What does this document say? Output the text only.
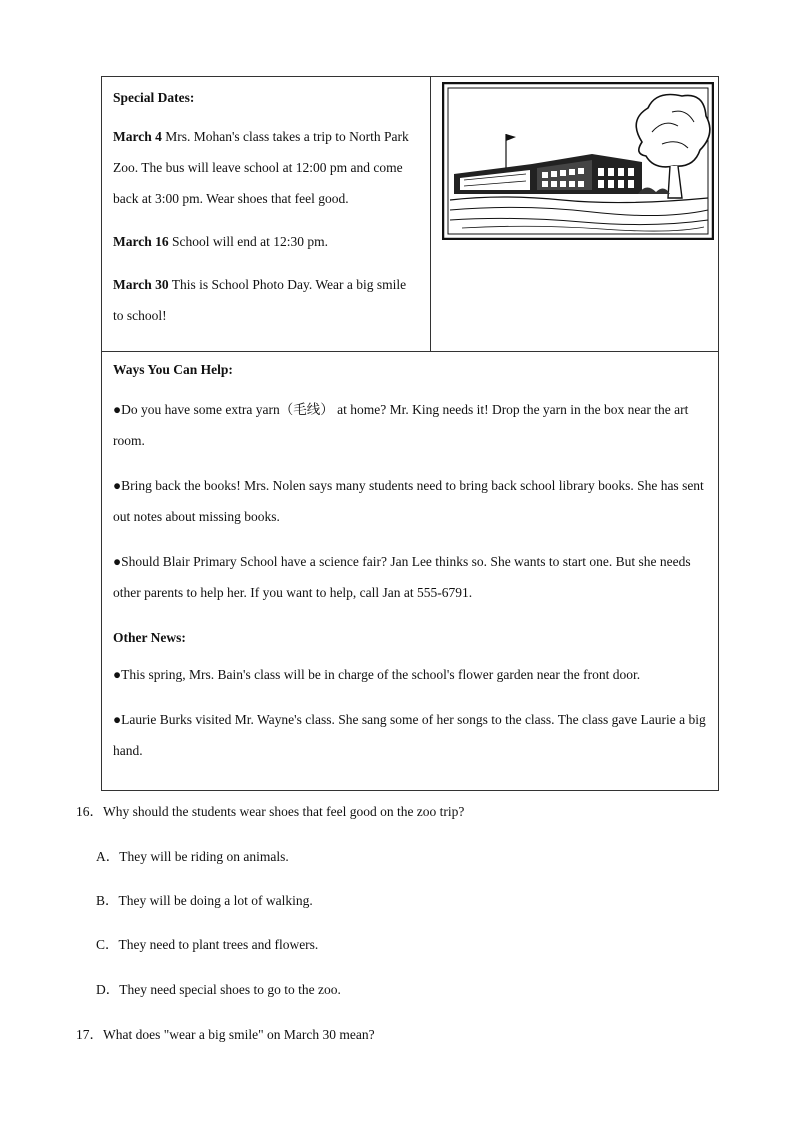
Special Dates:

March 4 Mrs. Mohan's class takes a trip to North Park Zoo. The bus will leave school at 12:00 pm and come back at 3:00 pm. Wear shoes that feel good.

March 16 School will end at 12:30 pm.

March 30 This is School Photo Day. Wear a big smile to school!

Ways You Can Help:

●Do you have some extra yarn（毛线） at home? Mr. King needs it! Drop the yarn in the box near the art room.

●Bring back the books! Mrs. Nolen says many students need to bring back school library books. She has sent out notes about missing books.

●Should Blair Primary School have a science fair? Jan Lee thinks so. She wants to start one. But she needs other parents to help her. If you want to help, call Jan at 555-6791.

Other News:

●This spring, Mrs. Bain's class will be in charge of the school's flower garden near the front door.

●Laurie Burks visited Mr. Wayne's class. She sang some of her songs to the class. The class gave Laurie a big hand.

16．Why should the students wear shoes that feel good on the zoo trip?
A．They will be riding on animals.
B．They will be doing a lot of walking.
C．They need to plant trees and flowers.
D．They need special shoes to go to the zoo.
17．What does "wear a big smile" on March 30 mean?
